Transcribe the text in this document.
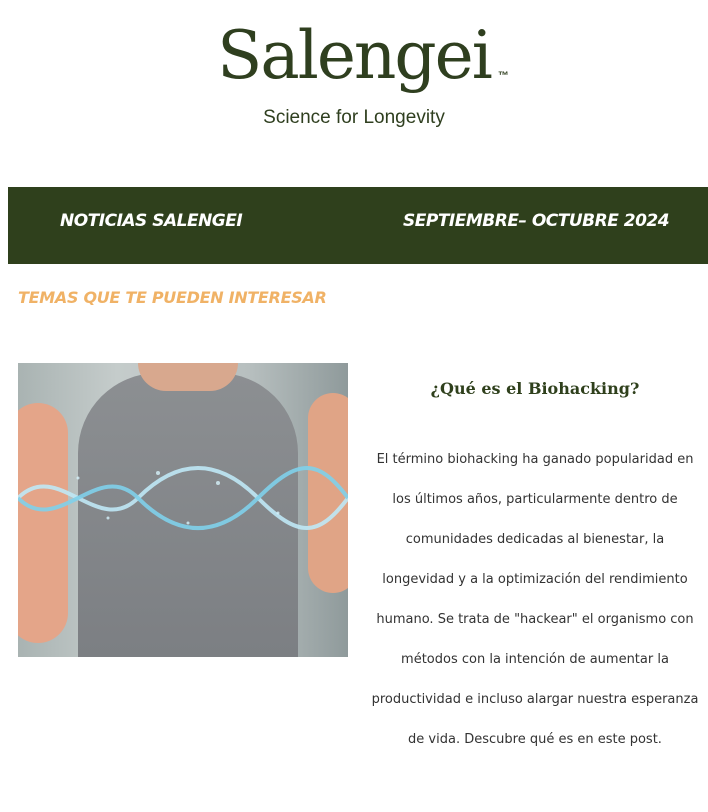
Salengei ™
Science for Longevity
NOTICIAS SALENGEI	SEPTIEMBRE– OCTUBRE 2024
TEMAS QUE TE PUEDEN INTERESAR
¿Qué es el Biohacking?
El término biohacking ha ganado popularidad en los últimos años, particularmente dentro de comunidades dedicadas al bienestar, la longevidad y a la optimización del rendimiento humano. Se trata de "hackear" el organismo con métodos con la intención de aumentar la productividad e incluso alargar nuestra esperanza de vida. Descubre qué es en este post.
